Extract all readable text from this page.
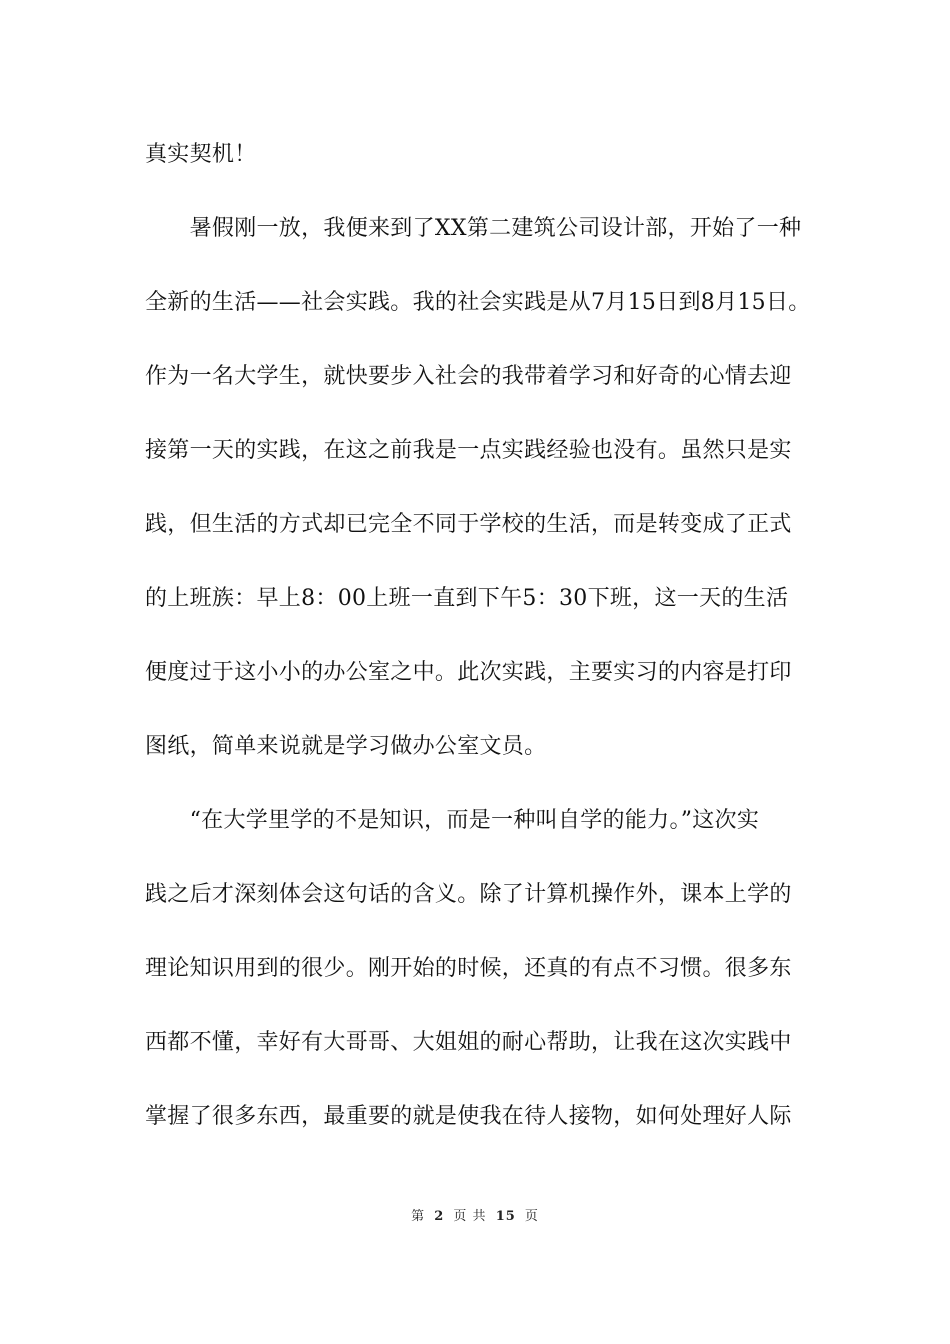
真实契机！
　　暑假刚一放，我便来到了XX第二建筑公司设计部，开始了一种
全新的生活——社会实践。我的社会实践是从7月15日到8月15日。
作为一名大学生，就快要步入社会的我带着学习和好奇的心情去迎
接第一天的实践，在这之前我是一点实践经验也没有。虽然只是实
践，但生活的方式却已完全不同于学校的生活，而是转变成了正式
的上班族：早上8：00上班一直到下午5：30下班，这一天的生活
便度过于这小小的办公室之中。此次实践，主要实习的内容是打印
图纸，简单来说就是学习做办公室文员。
　　“在大学里学的不是知识，而是一种叫自学的能力。”这次实
践之后才深刻体会这句话的含义。除了计算机操作外，课本上学的
理论知识用到的很少。刚开始的时候，还真的有点不习惯。很多东
西都不懂，幸好有大哥哥、大姐姐的耐心帮助，让我在这次实践中
掌握了很多东西，最重要的就是使我在待人接物，如何处理好人际
第 2 页 共 15 页
